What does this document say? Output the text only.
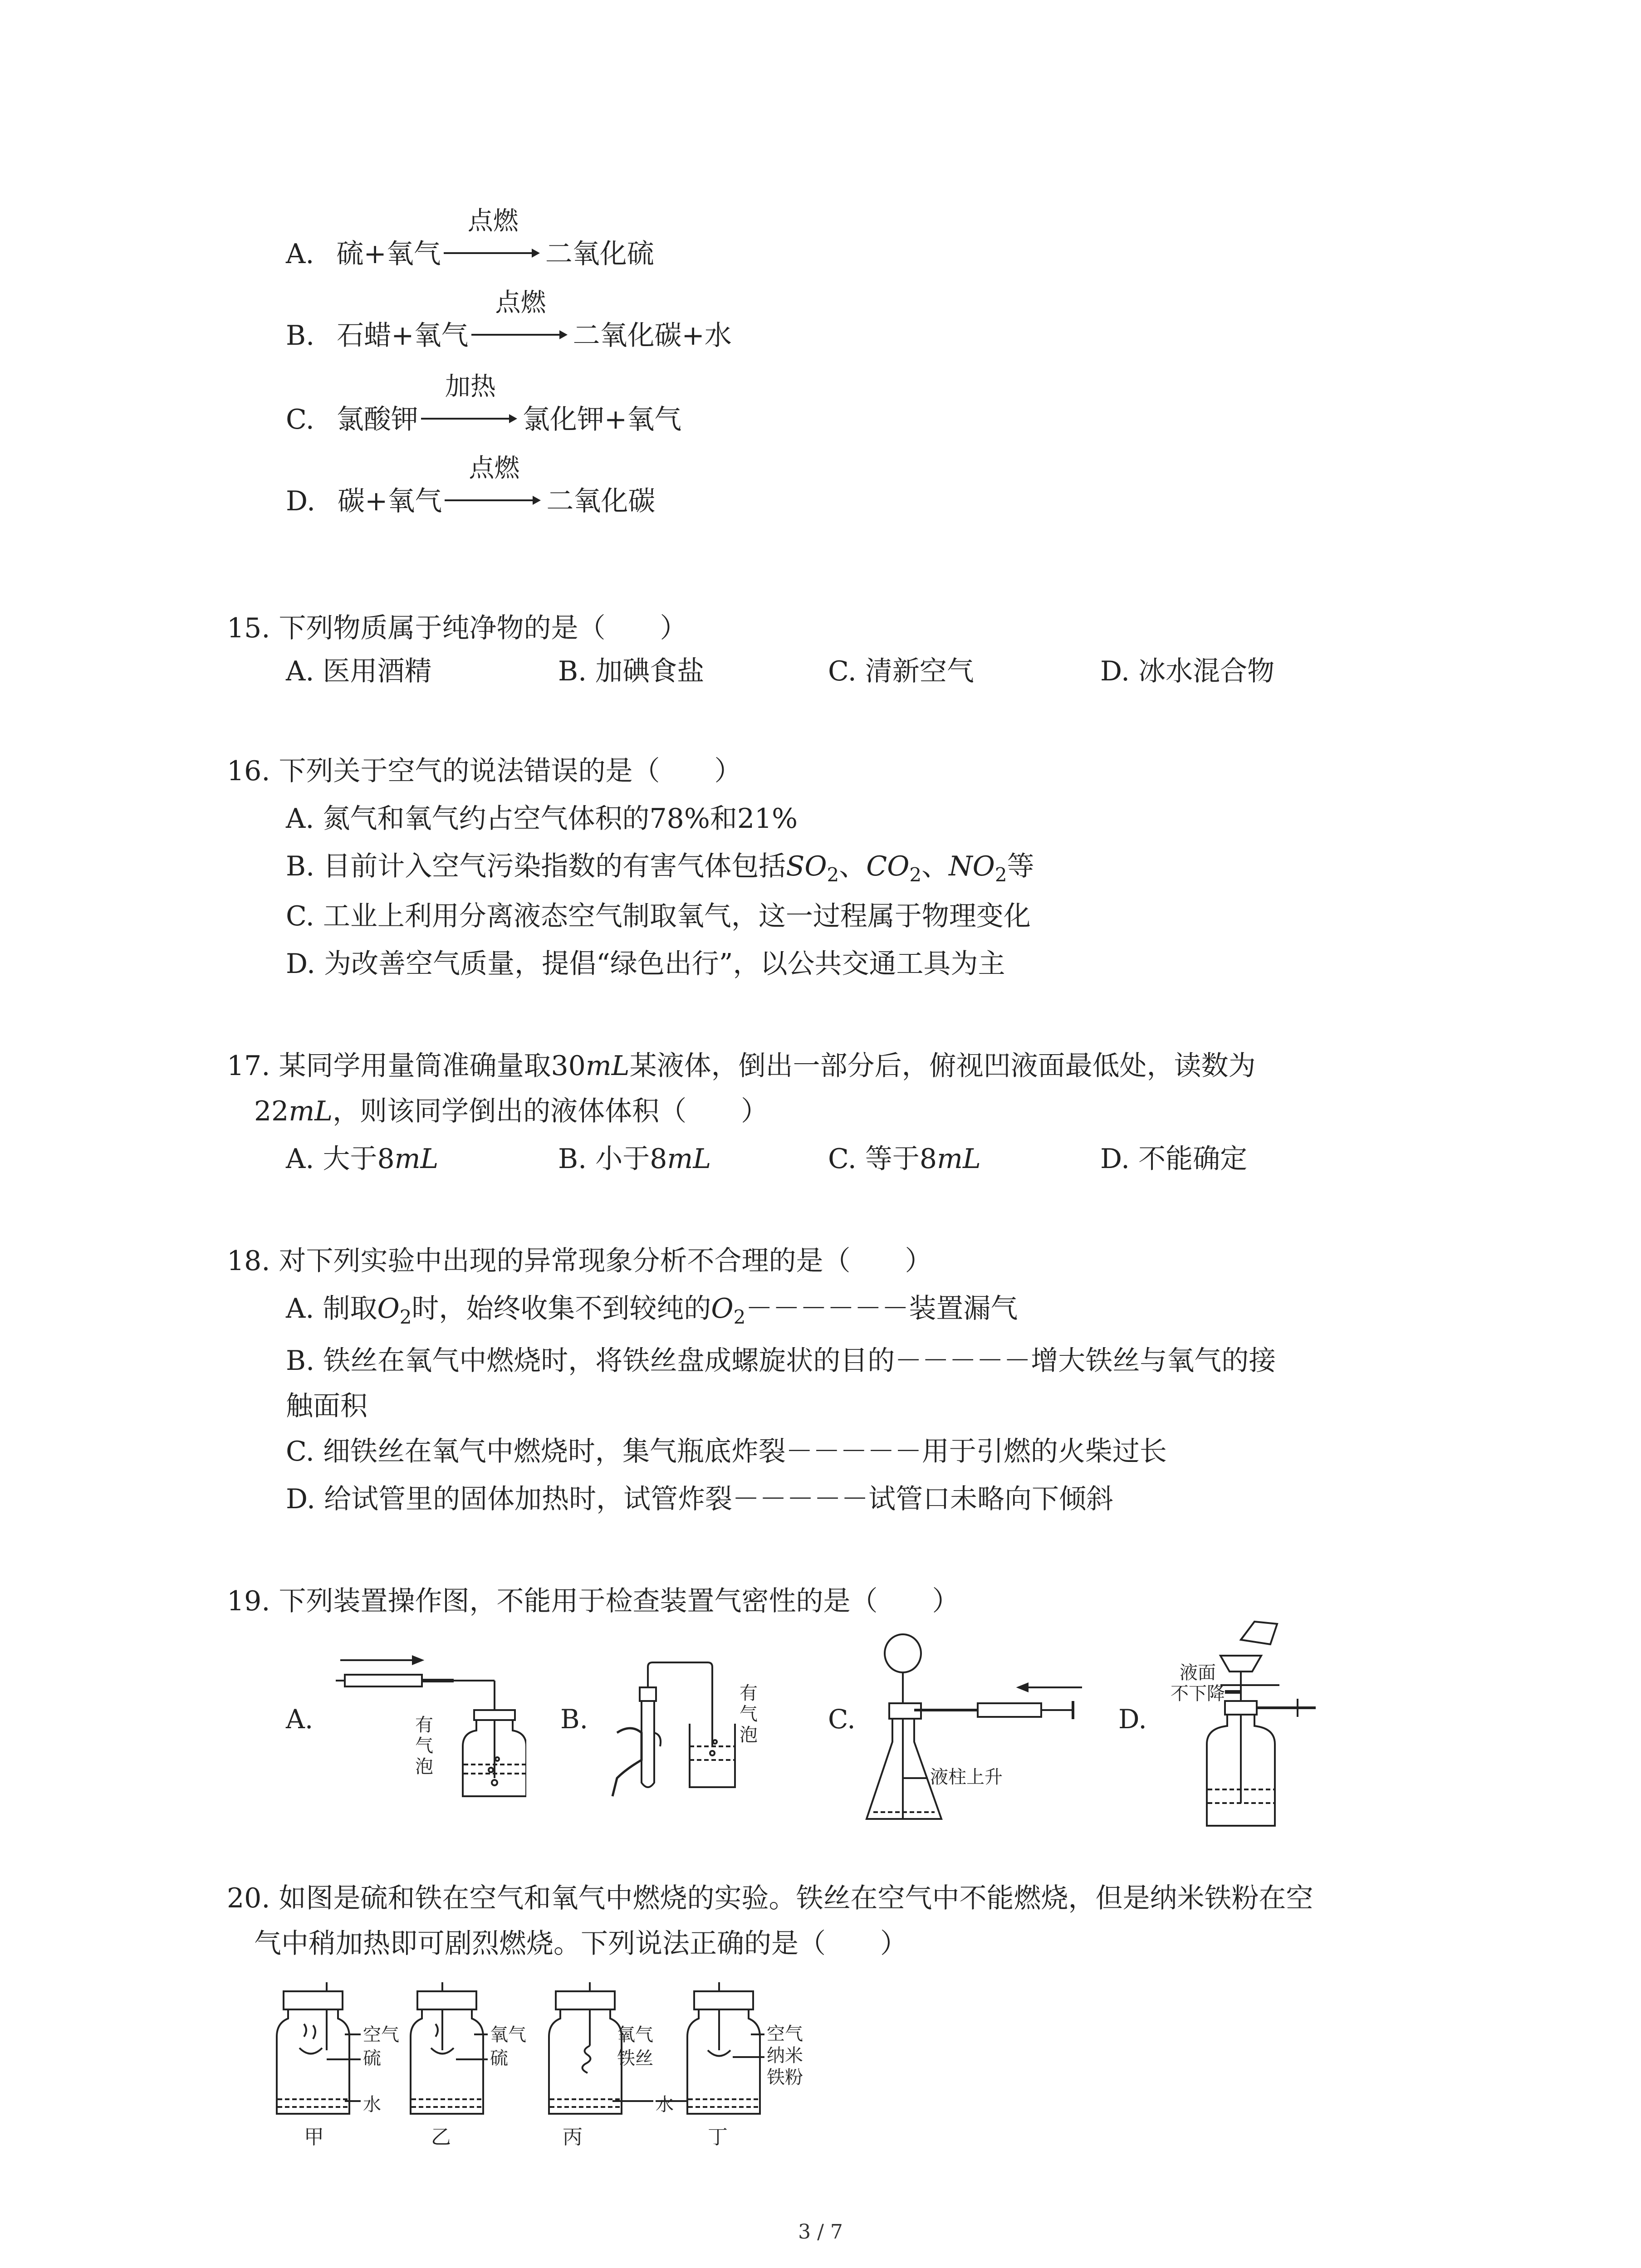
A. 硫+氧气
点燃
二氧化硫
B. 石蜡+氧气
点燃
二氧化碳+水
C. 氯酸钾
加热
氯化钾+氧气
D. 碳+氧气
点燃
二氧化碳
15. 下列物质属于纯净物的是（　　）
A. 医用酒精	B. 加碘食盐	C. 清新空气	D. 冰水混合物
16. 下列关于空气的说法错误的是（　　）
A. 氮气和氧气约占空气体积的78%和21%
B. 目前计入空气污染指数的有害气体包括$SO_2$、$CO_2$、$NO_2$等
C. 工业上利用分离液态空气制取氧气，这一过程属于物理变化
D. 为改善空气质量，提倡“绿色出行”，以公共交通工具为主
17. 某同学用量筒准确量取30mL某液体，倒出一部分后，俯视凹液面最低处，读数为
22mL，则该同学倒出的液体体积（　　）
A. 大于8mL	B. 小于8mL	C. 等于8mL	D. 不能确定
18. 对下列实验中出现的异常现象分析不合理的是（　　）
A. 制取$O_2$时，始终收集不到较纯的$O_2------$装置漏气
B. 铁丝在氧气中燃烧时，将铁丝盘成螺旋状的目的－－－－－增大铁丝与氧气的接
触面积
C. 细铁丝在氧气中燃烧时，集气瓶底炸裂－－－－－用于引燃的火柴过长
D. 给试管里的固体加热时，试管炸裂－－－－－试管口未略向下倾斜
19. 下列装置操作图，不能用于检查装置气密性的是（　　）
A.	B.	C.	D.
有
气
泡
有
气
泡
液柱上升
液面
不下降
20. 如图是硫和铁在空气和氧气中燃烧的实验。铁丝在空气中不能燃烧，但是纳米铁粉在空
气中稍加热即可剧烈燃烧。下列说法正确的是（　　）
空气
硫
水
氧气
硫
氧气
铁丝
水
空气
纳米
铁粉
甲	乙	丙	丁
3 / 7
